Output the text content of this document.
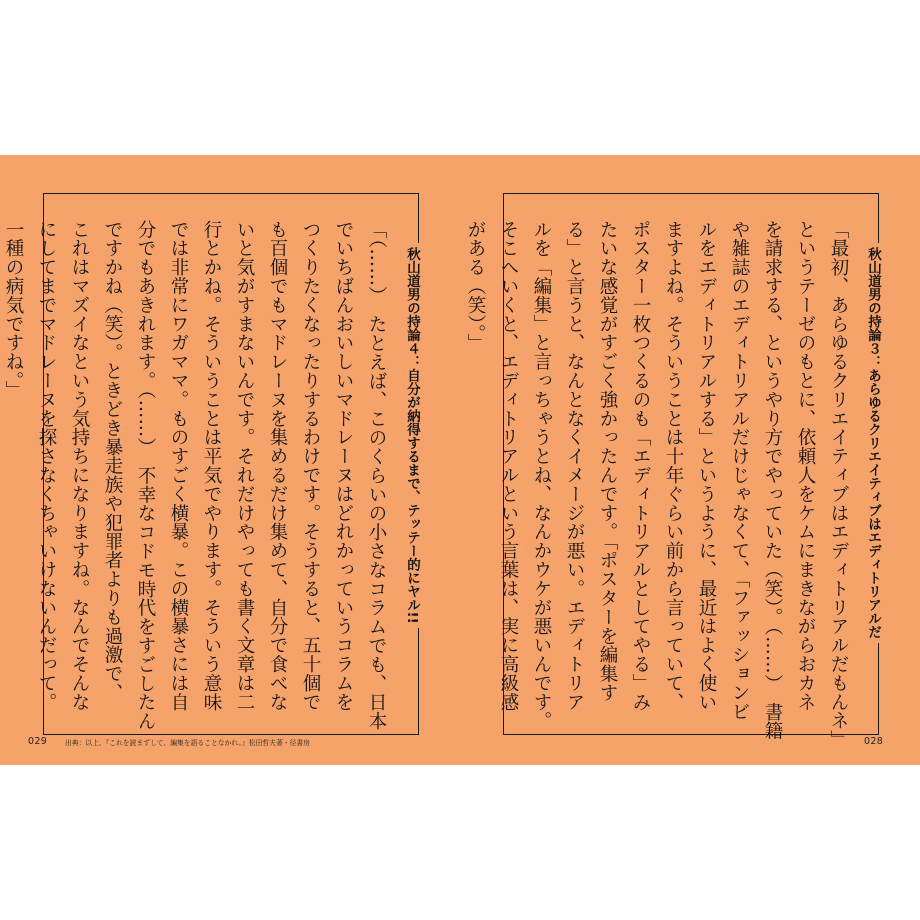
秋山道男の持論４：自分が納得するまで、テッテー的にヤル!!
「（……）　たとえば、このくらいの小さなコラムでも、日本
でいちばんおいしいマドレーヌはどれかっていうコラムを
つくりたくなったりするわけです。そうすると、五十個で
も百個でもマドレーヌを集めるだけ集めて、自分で食べな
いと気がすまないんです。それだけやっても書く文章は二
行とかね。そういうことは平気でやります。そういう意味
では非常にワガママ。ものすごく横暴。この横暴さには自
分でもあきれます。（……）　不幸なコドモ時代をすごしたん
ですかね（笑）。ときどき暴走族や犯罪者よりも過激で、
これはマズイなという気持ちになりますね。なんでそんな
にしてまでマドレーヌを探さなくちゃいけないんだって。
一種の病気ですね。」	秋山道男の持論３：あらゆるクリエイティブはエディトリアルだ
「最初、あらゆるクリエイティブはエディトリアルだもんネ」
というテーゼのもとに、依頼人をケムにまきながらおカネ
を請求する、というやり方でやっていた（笑）。（……）　書籍
や雑誌のエディトリアルだけじゃなくて、「ファッションビ
ルをエディトリアルする」というように、最近はよく使い
ますよね。そういうことは十年ぐらい前から言っていて、
ポスター一枚つくるのも「エディトリアルとしてやる」み
たいな感覚がすごく強かったんです。「ポスターを編集す
る」と言うと、なんとなくイメージが悪い。エディトリア
ルを「編集」と言っちゃうとね、なんかウケが悪いんです。
そこへいくと、エディトリアルという言葉は、実に高級感
がある（笑）。」
029	出典：以上、『これを読まずして、編集を語ることなかれ。』松田哲夫著・径書房	028
